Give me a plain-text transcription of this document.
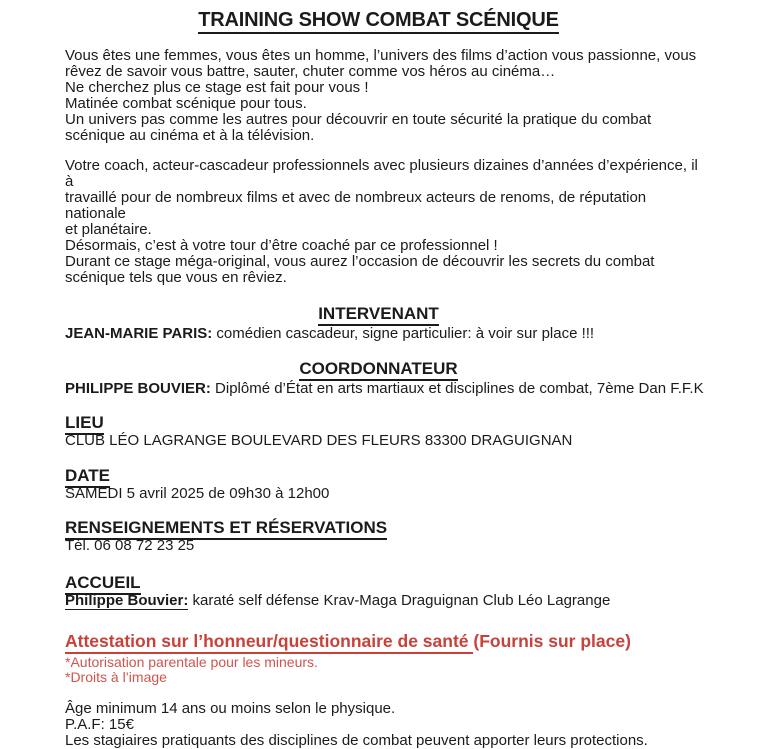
TRAINING SHOW COMBAT SCÉNIQUE
Vous êtes une femmes, vous êtes un homme, l’univers des films d’action vous passionne, vous
rêvez de savoir vous battre, sauter, chuter comme vos héros au cinéma…
Ne cherchez plus ce stage est fait pour vous !
Matinée combat scénique pour tous.
Un univers pas comme les autres pour découvrir en toute sécurité la pratique du combat
scénique au cinéma et à la télévision.
Votre coach, acteur-cascadeur professionnels avec plusieurs dizaines d’années d’expérience, il à
travaillé pour de nombreux films et avec de nombreux acteurs de renoms, de réputation nationale
et planétaire.
Désormais, c’est à votre tour d’être coaché par ce professionnel !
Durant ce stage méga-original, vous aurez l’occasion de découvrir les secrets du combat
scénique tels que vous en rêviez.
INTERVENANT
JEAN-MARIE PARIS: comédien cascadeur, signe particulier: à voir sur place !!!
COORDONNATEUR
PHILIPPE BOUVIER: Diplômé d’État en arts martiaux et disciplines de combat, 7ème Dan F.F.K
LIEU
CLUB LÉO LAGRANGE BOULEVARD DES FLEURS 83300 DRAGUIGNAN
DATE
SAMEDI 5 avril 2025 de 09h30 à 12h00
RENSEIGNEMENTS ET RÉSERVATIONS
Tél. 06 08 72 23 25
ACCUEIL
Philippe Bouvier: karaté self défense Krav-Maga Draguignan Club Léo Lagrange
Attestation sur l’honneur/questionnaire de santé (Fournis sur place)
*Autorisation parentale pour les mineurs.
*Droits à l’image
Âge minimum 14 ans ou moins selon le physique.
P.A.F: 15€
Les stagiaires pratiquants des disciplines de combat peuvent apporter leurs protections.
